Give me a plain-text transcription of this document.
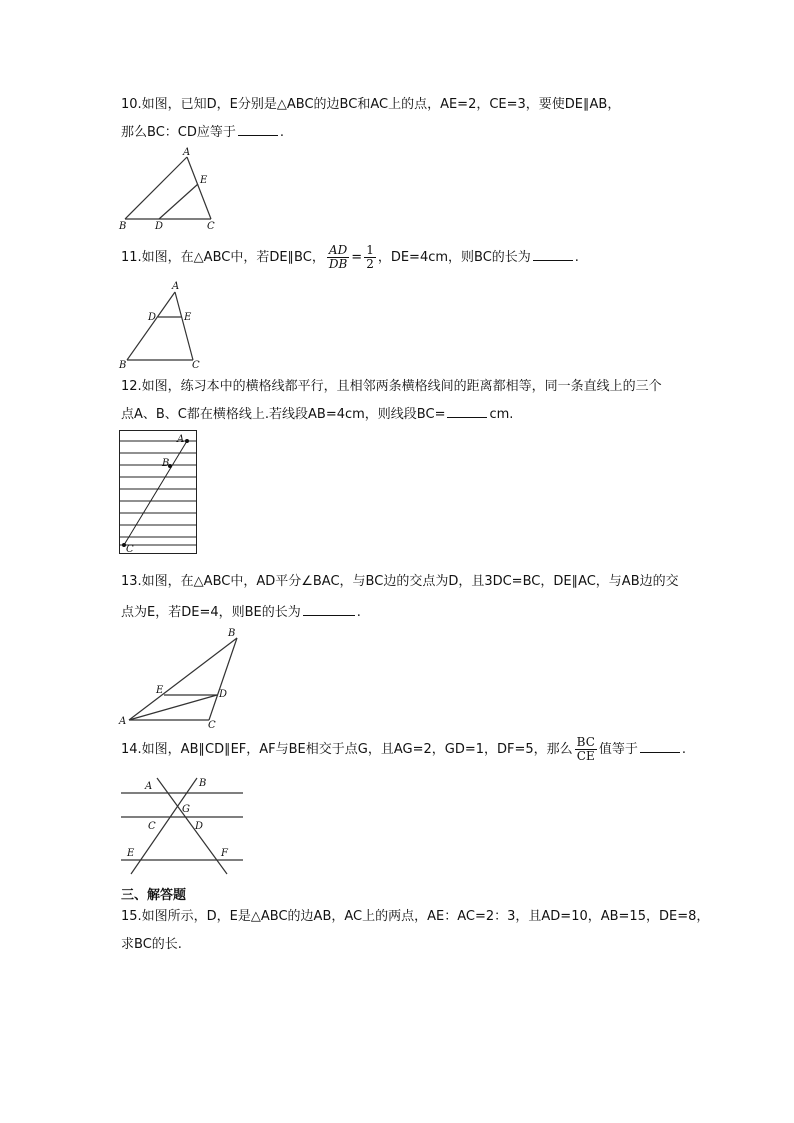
10.如图，已知D，E分别是△ABC的边BC和AC上的点，AE=2，CE=3，要使DE∥AB，
那么BC：CD应等于	.
A
E
B	D	C
11.如图，在△ABC中，若DE∥BC， $\frac{AD}{DB} = \frac{1}{2}$ ，DE=4cm，则BC的长为	.
A
D	E
B	C
12.如图，练习本中的横格线都平行，且相邻两条横格线间的距离都相等，同一条直线上的三个
点A、B、C都在横格线上.若线段AB=4cm，则线段BC=	cm.
A
B
C
13.如图，在△ABC中，AD平分∠BAC，与BC边的交点为D，且3DC=BC，DE∥AC，与AB边的交
点为E，若DE=4，则BE的长为	.
B
E	D
A	C
14.如图，AB∥CD∥EF，AF与BE相交于点G，且AG=2，GD=1，DF=5，那么 $\frac{BC}{CE}$ 值等于	.
A	B
G
C	D
E	F
三、解答题
15.如图所示，D，E是△ABC的边AB，AC上的两点，AE：AC=2：3，且AD=10，AB=15，DE=8，
求BC的长.
